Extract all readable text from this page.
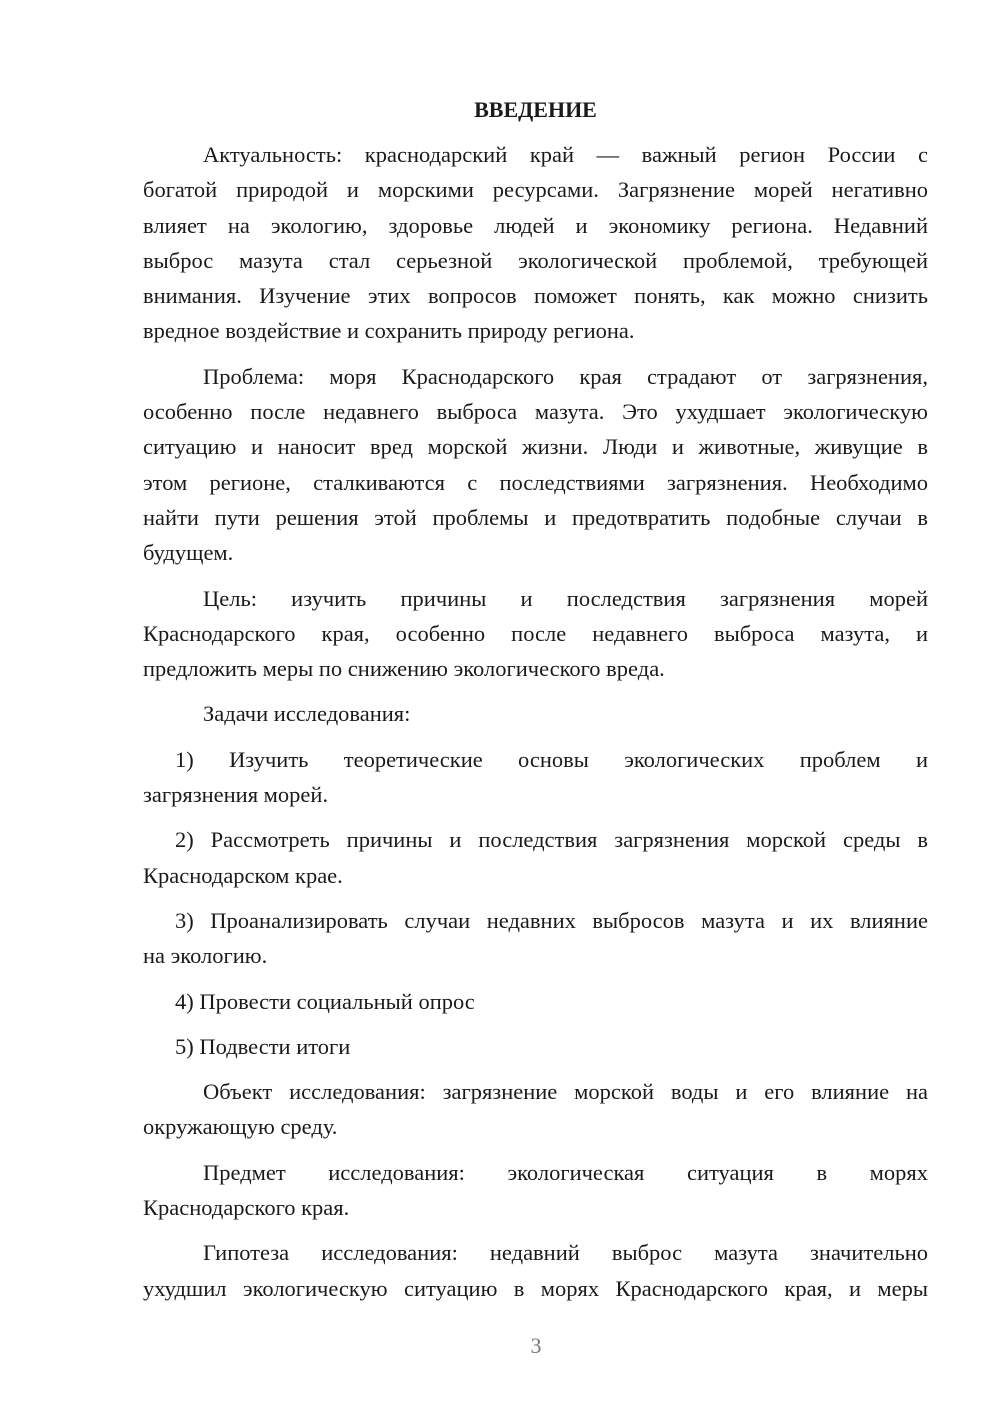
ВВЕДЕНИЕ
Актуальность: краснодарский край — важный регион России с
богатой природой и морскими ресурсами. Загрязнение морей негативно
влияет на экологию, здоровье людей и экономику региона. Недавний
выброс мазута стал серьезной экологической проблемой, требующей
внимания. Изучение этих вопросов поможет понять, как можно снизить
вредное воздействие и сохранить природу региона.
Проблема: моря Краснодарского края страдают от загрязнения,
особенно после недавнего выброса мазута. Это ухудшает экологическую
ситуацию и наносит вред морской жизни. Люди и животные, живущие в
этом регионе, сталкиваются с последствиями загрязнения. Необходимо
найти пути решения этой проблемы и предотвратить подобные случаи в
будущем.
Цель: изучить причины и последствия загрязнения морей
Краснодарского края, особенно после недавнего выброса мазута, и
предложить меры по снижению экологического вреда.
Задачи исследования:
1) Изучить теоретические основы экологических проблем и
загрязнения морей.
2) Рассмотреть причины и последствия загрязнения морской среды в
Краснодарском крае.
3) Проанализировать случаи недавних выбросов мазута и их влияние
на экологию.
4) Провести социальный опрос
5) Подвести итоги
Объект исследования: загрязнение морской воды и его влияние на
окружающую среду.
Предмет исследования: экологическая ситуация в морях
Краснодарского края.
Гипотеза исследования: недавний выброс мазута значительно
ухудшил экологическую ситуацию в морях Краснодарского края, и меры
3
